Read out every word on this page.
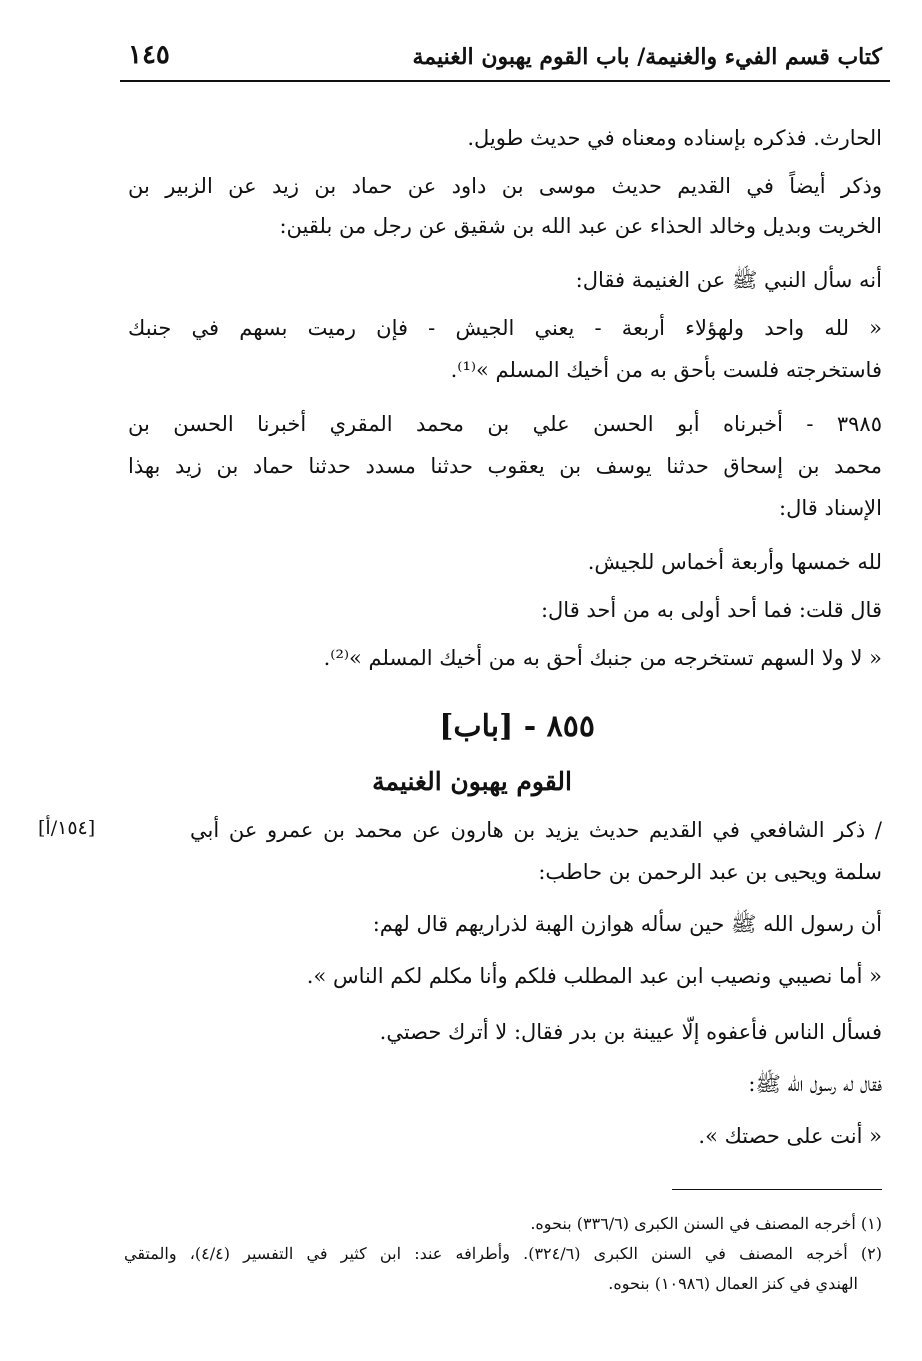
كتاب قسم الفيء والغنيمة/ باب القوم يهبون الغنيمة
١٤٥
الحارث. فذكره بإسناده ومعناه في حديث طويل.
وذكر أيضاً في القديم حديث موسى بن داود عن حماد بن زيد عن الزبير بن
الخريت وبديل وخالد الحذاء عن عبد الله بن شقيق عن رجل من بلقين:
أنه سأل النبي ﷺ عن الغنيمة فقال:
« لله واحد ولهؤلاء أربعة - يعني الجيش - فإن رميت بسهم في جنبك
فاستخرجته فلست بأحق به من أخيك المسلم »⁽¹⁾.
٣٩٨٥ - أخبرناه أبو الحسن علي بن محمد المقري أخبرنا الحسن بن
محمد بن إسحاق حدثنا يوسف بن يعقوب حدثنا مسدد حدثنا حماد بن زيد بهذا
الإسناد قال:
لله خمسها وأربعة أخماس للجيش.
قال قلت: فما أحد أولى به من أحد قال:
« لا ولا السهم تستخرجه من جنبك أحق به من أخيك المسلم »⁽²⁾.
٨٥٥ - [باب]
القوم يهبون الغنيمة
[١٥٤/أ]	/ ذكر الشافعي في القديم حديث يزيد بن هارون عن محمد بن عمرو عن أبي
سلمة ويحيى بن عبد الرحمن بن حاطب:
أن رسول الله ﷺ حين سأله هوازن الهبة لذراريهم قال لهم:
« أما نصيبي ونصيب ابن عبد المطلب فلكم وأنا مكلم لكم الناس ».
فسأل الناس فأعفوه إلّا عيينة بن بدر فقال: لا أترك حصتي.
فقال له رسول الله ﷺ:
« أنت على حصتك ».
(١) أخرجه المصنف في السنن الكبرى (٣٣٦/٦) بنحوه.
(٢) أخرجه المصنف في السنن الكبرى (٣٢٤/٦). وأطرافه عند: ابن كثير في التفسير (٤/٤)، والمتقي
الهندي في كنز العمال (١٠٩٨٦) بنحوه.
